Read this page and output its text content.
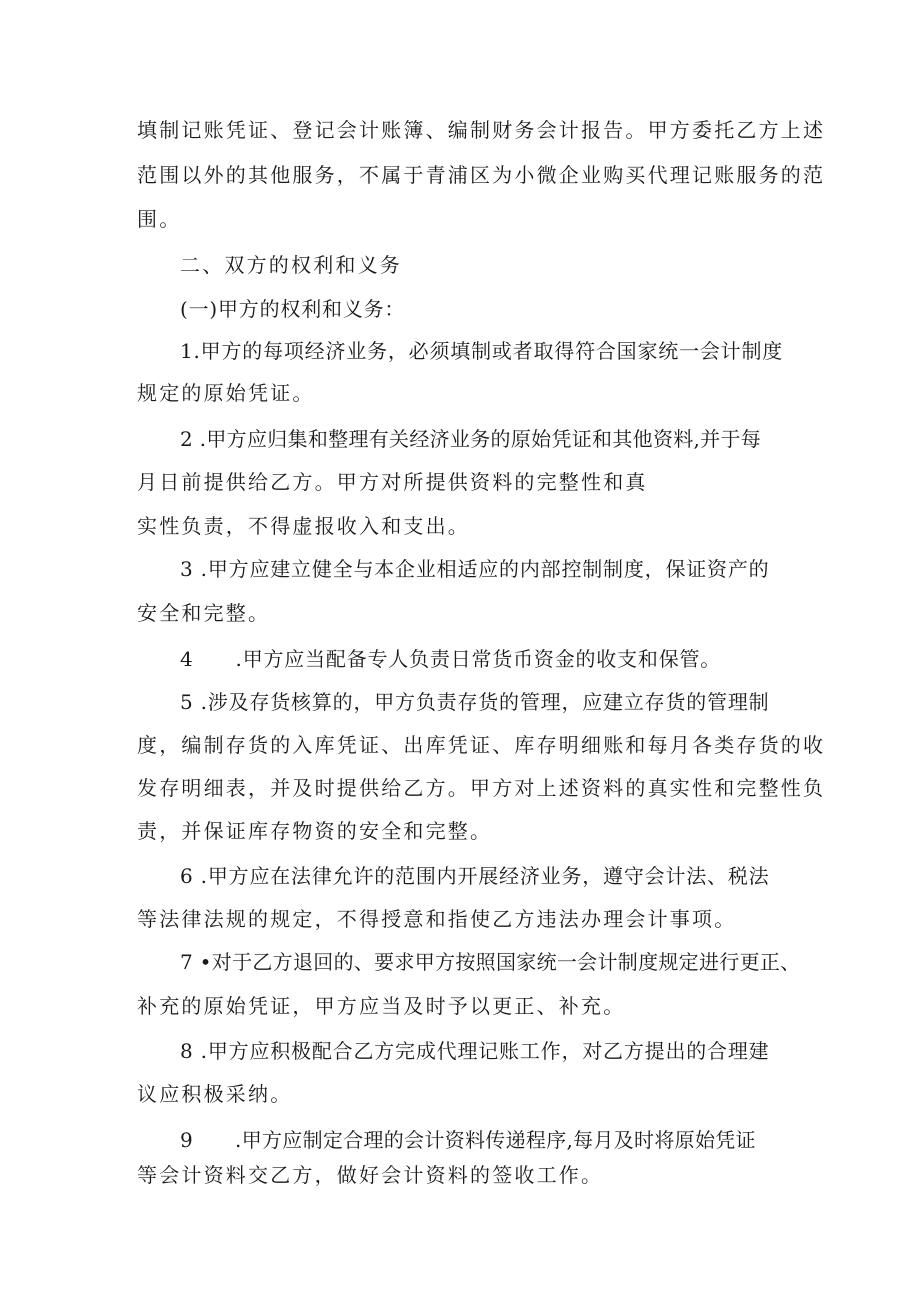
填制记账凭证、登记会计账簿、编制财务会计报告。甲方委托乙方上述
范围以外的其他服务，不属于青浦区为小微企业购买代理记账服务的范
围。
二、双方的权利和义务
(一)甲方的权利和义务：
1.甲方的每项经济业务，必须填制或者取得符合国家统一会计制度
规定的原始凭证。
2 .甲方应归集和整理有关经济业务的原始凭证和其他资料,并于每
月日前提供给乙方。甲方对所提供资料的完整性和真
实性负责，不得虚报收入和支出。
3 .甲方应建立健全与本企业相适应的内部控制制度，保证资产的
安全和完整。
4 .甲方应当配备专人负责日常货币资金的收支和保管。
5 .涉及存货核算的，甲方负责存货的管理，应建立存货的管理制
度，编制存货的入库凭证、出库凭证、库存明细账和每月各类存货的收
发存明细表，并及时提供给乙方。甲方对上述资料的真实性和完整性负
责，并保证库存物资的安全和完整。
6 .甲方应在法律允许的范围内开展经济业务，遵守会计法、税法
等法律法规的规定，不得授意和指使乙方违法办理会计事项。
7 •对于乙方退回的、要求甲方按照国家统一会计制度规定进行更正、
补充的原始凭证，甲方应当及时予以更正、补充。
8 .甲方应积极配合乙方完成代理记账工作，对乙方提出的合理建
议应积极采纳。
9 .甲方应制定合理的会计资料传递程序,每月及时将原始凭证
等会计资料交乙方，做好会计资料的签收工作。
